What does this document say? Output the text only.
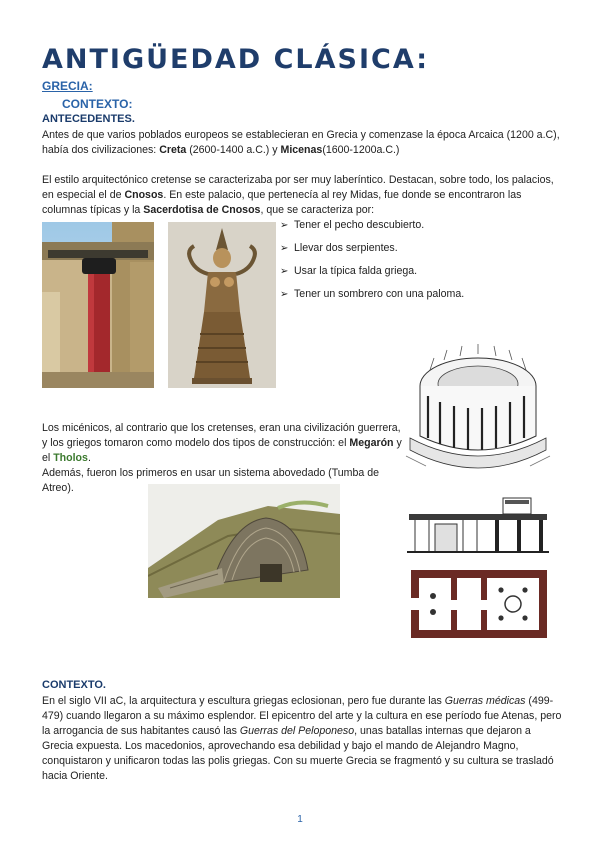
ANTIGÜEDAD CLÁSICA:
GRECIA:
CONTEXTO:
ANTECEDENTES.
Antes de que varios poblados europeos se establecieran en Grecia y comenzase la época Arcaica (1200 a.C), había dos civilizaciones: Creta (2600-1400 a.C.) y Micenas(1600-1200a.C.)
El estilo arquitectónico cretense se caracterizaba por ser muy laberíntico. Destacan, sobre todo, los palacios, en especial el de Cnosos. En este palacio, que pertenecía al rey Midas, fue donde se encontraron las columnas típicas y la Sacerdotisa de Cnosos, que se caracteriza por:
➢ Tener el pecho descubierto.
➢ Llevar dos serpientes.
➢ Usar la típica falda griega.
➢ Tener un sombrero con una paloma.
Los micénicos, al contrario que los cretenses, eran una civilización guerrera, y los griegos tomaron como modelo dos tipos de construcción: el Megarón y el Tholos.
Además, fueron los primeros en usar un sistema abovedado (Tumba de Atreo).
CONTEXTO.
En el siglo VII aC, la arquitectura y escultura griegas eclosionan, pero fue durante las Guerras médicas (499-479) cuando llegaron a su máximo esplendor. El epicentro del arte y la cultura en ese período fue Atenas, pero la arrogancia de sus habitantes causó las Guerras del Peloponeso, unas batallas internas que dejaron a Grecia expuesta. Los macedonios, aprovechando esa debilidad y bajo el mando de Alejandro Magno, conquistaron y unificaron todas las polis griegas. Con su muerte Grecia se fragmentó y su cultura se trasladó hacia Oriente.
1
